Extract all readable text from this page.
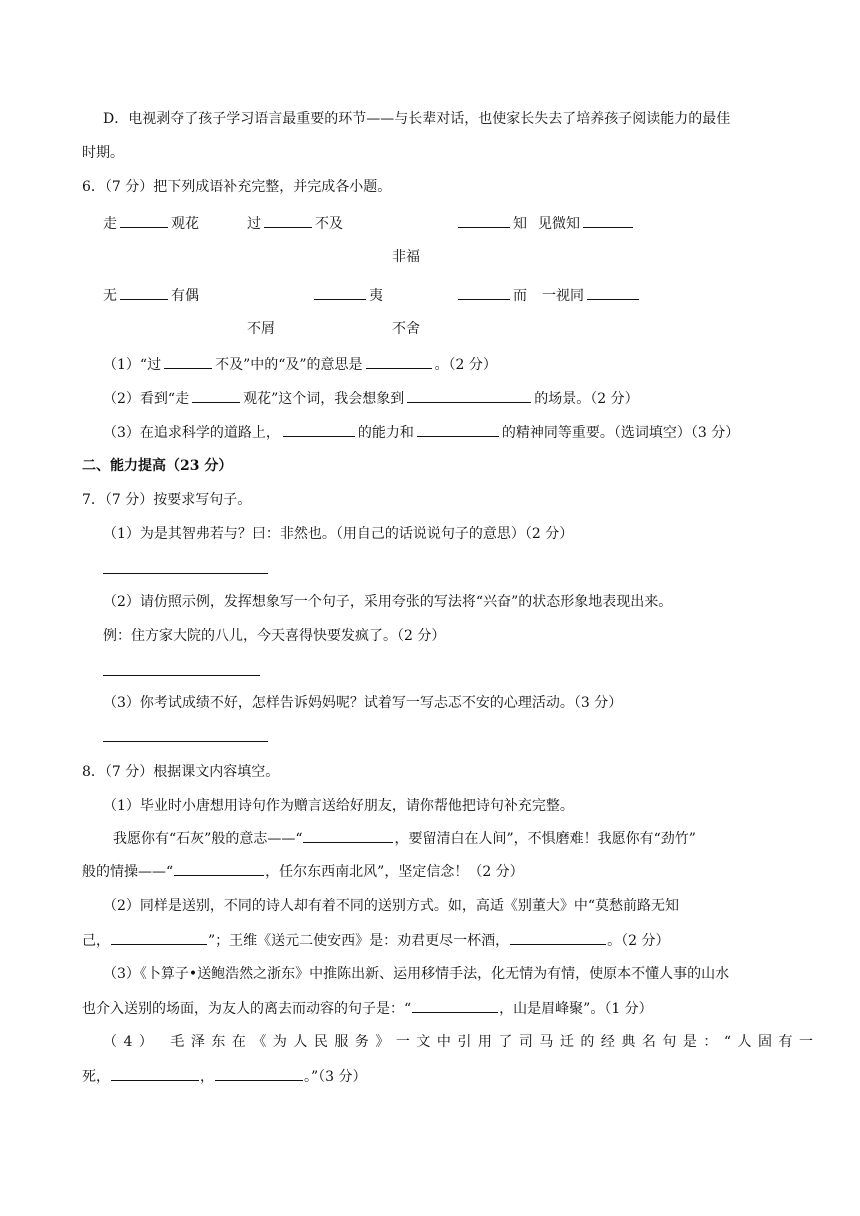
D．电视剥夺了孩子学习语言最重要的环节——与长辈对话，也使家长失去了培养孩子阅读能力的最佳
时期。
6．（7 分）把下列成语补充完整，并完成各小题。
走	观花	过	不及	知 见微知
非福
无	有偶	夷	而 一视同
不屑	不舍
（1）“过	不及”中的“及”的意思是	。（2 分）
（2）看到“走	观花”这个词，我会想象到	的场景。（2 分）
（3）在追求科学的道路上，	的能力和	的精神同等重要。（选词填空）（3 分）
二、能力提高（23 分）
7．（7 分）按要求写句子。
（1）为是其智弗若与？曰：非然也。（用自己的话说说句子的意思）（2 分）
（2）请仿照示例，发挥想象写一个句子，采用夸张的写法将“兴奋”的状态形象地表现出来。
例：住方家大院的八儿，今天喜得快要发疯了。（2 分）
（3）你考试成绩不好，怎样告诉妈妈呢？试着写一写忐忑不安的心理活动。（3 分）
8．（7 分）根据课文内容填空。
（1）毕业时小唐想用诗句作为赠言送给好朋友，请你帮他把诗句补充完整。
我愿你有“石灰”般的意志——“	，要留清白在人间”，不惧磨难！我愿你有“劲竹”
般的情操——“	，任尔东西南北风”，坚定信念！（2 分）
（2）同样是送别，不同的诗人却有着不同的送别方式。如，高适《别董大》中“莫愁前路无知
己，	”；王维《送元二使安西》是：劝君更尽一杯酒，	。（2 分）
（3）《卜算子•送鲍浩然之浙东》中推陈出新、运用移情手法，化无情为有情，使原本不懂人事的山水
也介入送别的场面，为友人的离去而动容的句子是：“	，山是眉峰聚”。（1 分）
（4） 毛泽东在《为人民服务》一文中引用了司马迁的经典名句是：“人固有一
死，	，	。”（3 分）
